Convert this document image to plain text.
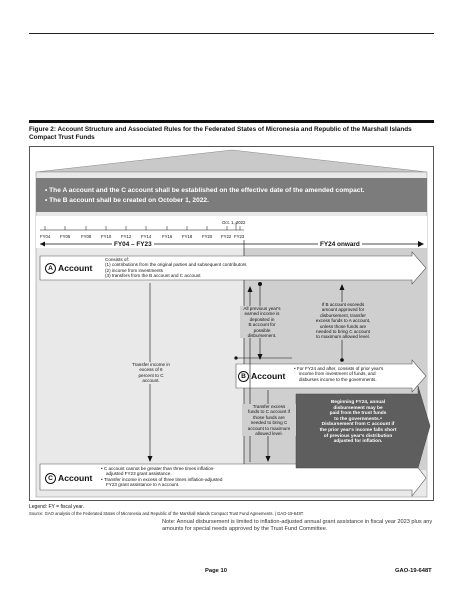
Figure 2: Account Structure and Associated Rules for the Federated States of Micronesia and Republic of the Marshall Islands Compact Trust Funds
• The A account and the C account shall be established on the effective date of the amended compact.
• The B account shall be created on October 1, 2022.
Oct. 1, 2022
FY04 FY06 FY08 FY10 FY12 FY14 FY16 FY18 FY20 FY22 FY23
FY04 – FY23	FY24 onward
A Account
Consists of:
(1) contributions from the original parties and subsequent contributors
(2) income from investments
(3) transfers from the B account and C account
All previous year's
earned income is
deposited in
B account for
possible
disbursement.
If B account exceeds
amount approved for
disbursement, transfer
excess funds to A account,
unless those funds are
needed to bring C account
to maximum allowed level.
Transfer income in
excess of 6
percent to C
account.
B Account
• For FY24 and after, consists of prior year's
income from investment of funds, and
disburses income to the governments.
Transfer excess
funds to C account if
those funds are
needed to bring C
account to maximum
allowed level.
Beginning FY24, annual
disbursement may be
paid from the trust funds
to the governments.ᵃ
Disbursement from C account if
the prior year's income falls short
of previous year's distribution
adjusted for inflation.
C Account
• C account cannot be greater than three times inflation-
adjusted FY23 grant assistance.
• Transfer income in excess of three times inflation-adjusted
FY23 grant assistance to A account.
Legend: FY = fiscal year.
Source: GAO analysis of the Federated States of Micronesia and Republic of the Marshall Islands Compact Trust Fund Agreements. | GAO-19-648T
Note: Annual disbursement is limited to inflation-adjusted annual grant assistance in fiscal year 2023 plus any amounts for special needs approved by the Trust Fund Committee.
Page 10	GAO-19-648T
